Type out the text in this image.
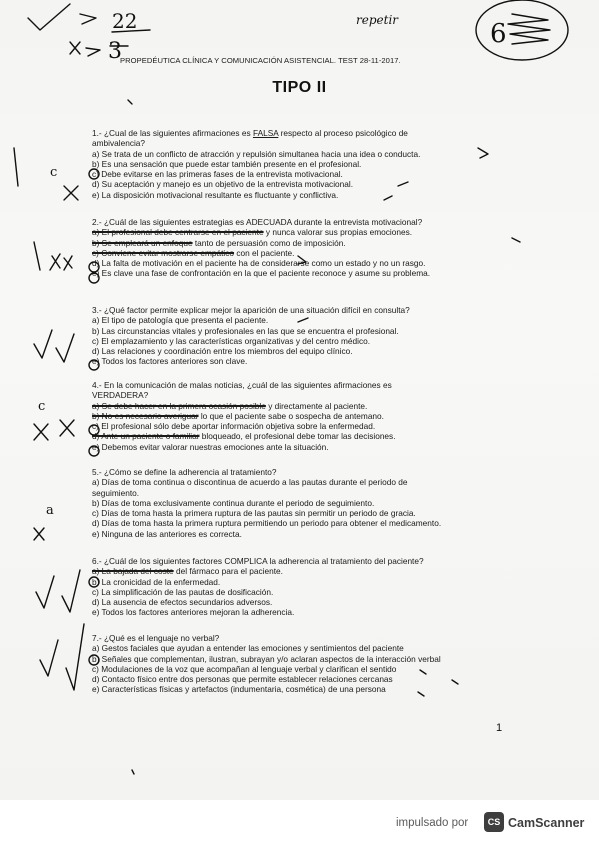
PROPEDÉUTICA CLÍNICA Y COMUNICACIÓN ASISTENCIAL. TEST 28-11-2017.
TIPO II
1.- ¿Cual de las siguientes afirmaciones es FALSA respecto al proceso psicológico de
ambivalencia?
a) Se trata de un conflicto de atracción y repulsión simultanea hacia una idea o conducta.
b) Es una sensación que puede estar también presente en el profesional.
c) Debe evitarse en las primeras fases de la entrevista motivacional.
d) Su aceptación y manejo es un objetivo de la entrevista motivacional.
e) La disposición motivacional resultante es fluctuante y conflictiva.
2.- ¿Cuál de las siguientes estrategias es ADECUADA durante la entrevista motivacional?
a) El profesional debe centrarse en el paciente y nunca valorar sus propias emociones.
b) Se empleará un enfoque tanto de persuasión como de imposición.
c) Conviene evitar mostrarse empático con el paciente.
d) La falta de motivación en el paciente ha de considerarse como un estado y no un rasgo.
e) Es clave una fase de confrontación en la que el paciente reconoce y asume su problema.
3.- ¿Qué factor permite explicar mejor la aparición de una situación difícil en consulta?
a) El tipo de patología que presenta el paciente.
b) Las circunstancias vitales y profesionales en las que se encuentra el profesional.
c) El emplazamiento y las características organizativas y del centro médico.
d) Las relaciones y coordinación entre los miembros del equipo clínico.
e) Todos los factores anteriores son clave.
4.- En la comunicación de malas noticias, ¿cuál de las siguientes afirmaciones es
VERDADERA?
a) Se debe hacer en la primera ocasión posible y directamente al paciente.
b) No es necesario averiguar lo que el paciente sabe o sospecha de antemano.
c) El profesional sólo debe aportar información objetiva sobre la enfermedad.
d) Ante un paciente o familiar bloqueado, el profesional debe tomar las decisiones.
e) Debemos evitar valorar nuestras emociones ante la situación.
5.- ¿Cómo se define la adherencia al tratamiento?
a) Días de toma continua o discontinua de acuerdo a las pautas durante el periodo de
seguimiento.
b) Días de toma exclusivamente continua durante el periodo de seguimiento.
c) Días de toma hasta la primera ruptura de las pautas sin permitir un periodo de gracia.
d) Días de toma hasta la primera ruptura permitiendo un periodo para obtener el medicamento.
e) Ninguna de las anteriores es correcta.
6.- ¿Cuál de los siguientes factores COMPLICA la adherencia al tratamiento del paciente?
a) La bajada del coste del fármaco para el paciente.
b) La cronicidad de la enfermedad.
c) La simplificación de las pautas de dosificación.
d) La ausencia de efectos secundarios adversos.
e) Todos los factores anteriores mejoran la adherencia.
7.- ¿Qué es el lenguaje no verbal?
a) Gestos faciales que ayudan a entender las emociones y sentimientos del paciente
b) Señales que complementan, ilustran, subrayan y/o aclaran aspectos de la interacción verbal
c) Modulaciones de la voz que acompañan al lenguaje verbal y clarifican el sentido
d) Contacto físico entre dos personas que permite establecer relaciones cercanas
e) Características físicas y artefactos (indumentaria, cosmética) de una persona
1
22
3
repetir	6
c
c
a
impulsado por	CS CamScanner
